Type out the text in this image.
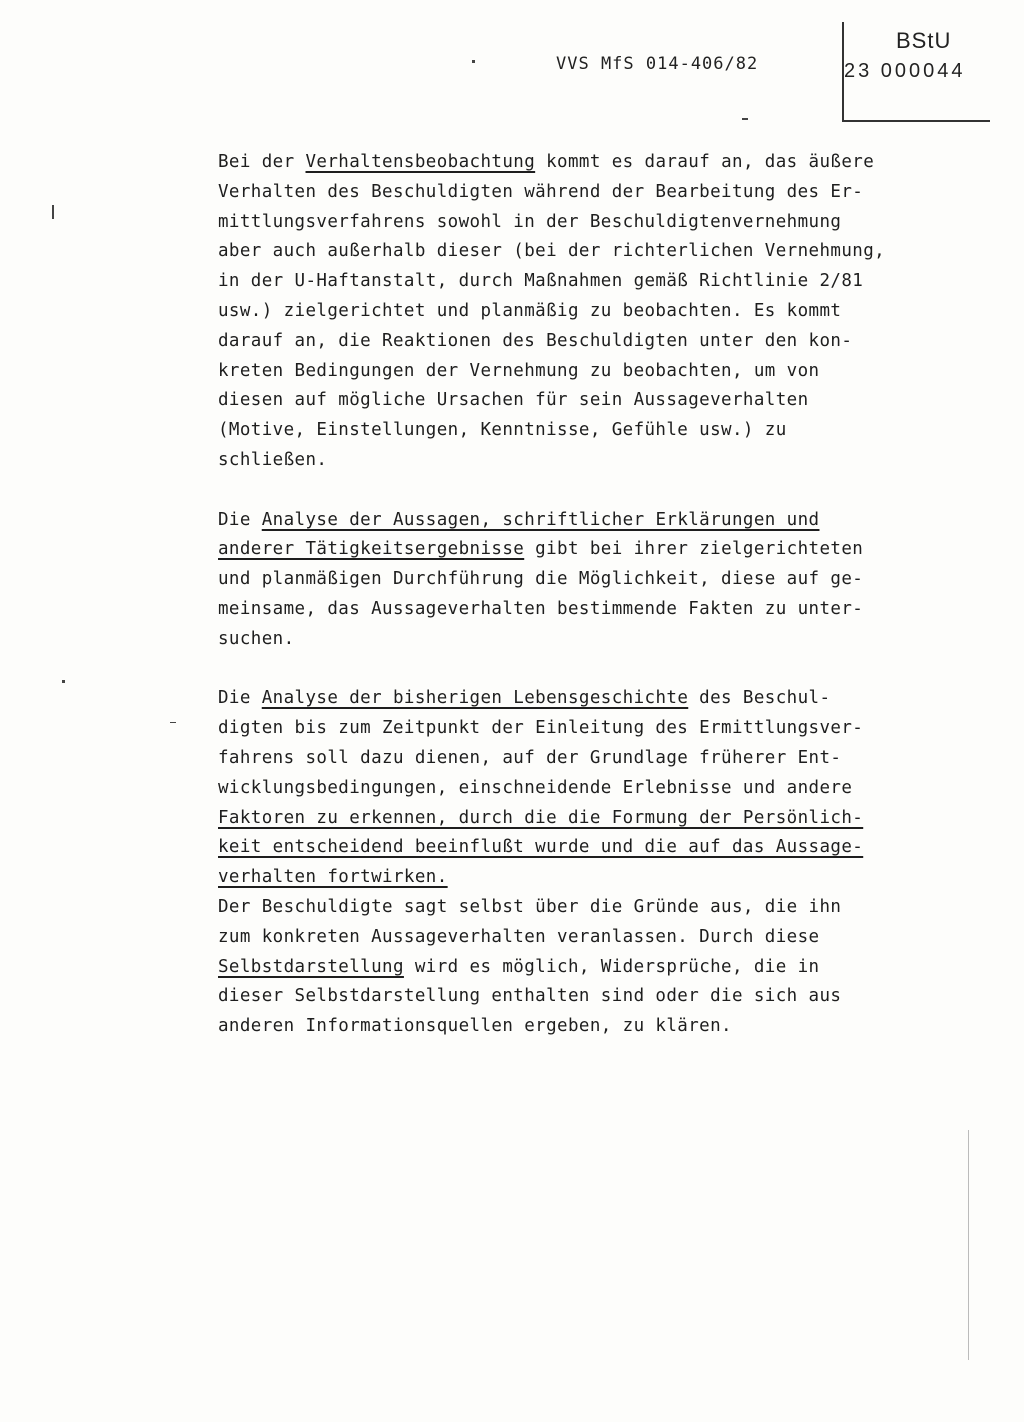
VVS MfS 014-406/82
BStU
23 000044
Bei der Verhaltensbeobachtung kommt es darauf an, das äußere
Verhalten des Beschuldigten während der Bearbeitung des Er-
mittlungsverfahrens sowohl in der Beschuldigtenvernehmung
aber auch außerhalb dieser (bei der richterlichen Vernehmung,
in der U-Haftanstalt, durch Maßnahmen gemäß Richtlinie 2/81
usw.) zielgerichtet und planmäßig zu beobachten. Es kommt
darauf an, die Reaktionen des Beschuldigten unter den kon-
kreten Bedingungen der Vernehmung zu beobachten, um von
diesen auf mögliche Ursachen für sein Aussageverhalten
(Motive, Einstellungen, Kenntnisse, Gefühle usw.) zu
schließen.
Die Analyse der Aussagen, schriftlicher Erklärungen und
anderer Tätigkeitsergebnisse gibt bei ihrer zielgerichteten
und planmäßigen Durchführung die Möglichkeit, diese auf ge-
meinsame, das Aussageverhalten bestimmende Fakten zu unter-
suchen.
Die Analyse der bisherigen Lebensgeschichte des Beschul-
digten bis zum Zeitpunkt der Einleitung des Ermittlungsver-
fahrens soll dazu dienen, auf der Grundlage früherer Ent-
wicklungsbedingungen, einschneidende Erlebnisse und andere
Faktoren zu erkennen, durch die die Formung der Persönlich-
keit entscheidend beeinflußt wurde und die auf das Aussage-
verhalten fortwirken.
Der Beschuldigte sagt selbst über die Gründe aus, die ihn
zum konkreten Aussageverhalten veranlassen. Durch diese
Selbstdarstellung wird es möglich, Widersprüche, die in
dieser Selbstdarstellung enthalten sind oder die sich aus
anderen Informationsquellen ergeben, zu klären.
